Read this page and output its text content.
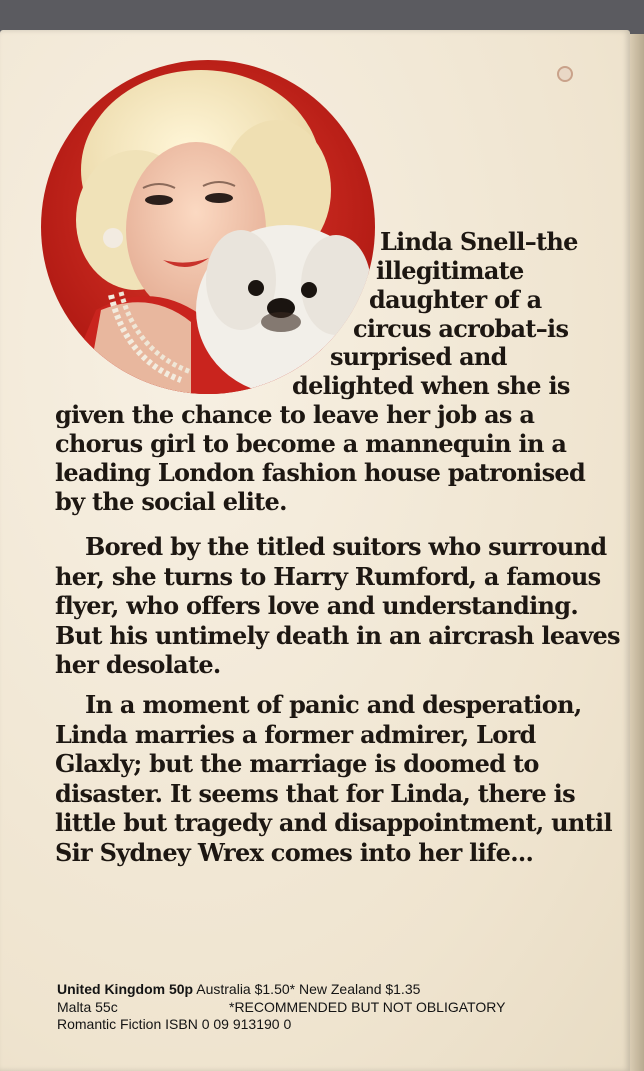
Linda Snell–the
illegitimate
daughter of a
circus acrobat–is
surprised and
delighted when she is
given the chance to leave her job as a
chorus girl to become a mannequin in a
leading London fashion house patronised
by the social elite.

Bored by the titled suitors who surround
her, she turns to Harry Rumford, a famous
flyer, who offers love and understanding.
But his untimely death in an aircrash leaves
her desolate.

In a moment of panic and desperation,
Linda marries a former admirer, Lord
Glaxly; but the marriage is doomed to
disaster. It seems that for Linda, there is
little but tragedy and disappointment, until
Sir Sydney Wrex comes into her life...

United Kingdom 50p Australia $1.50* New Zealand $1.35

Malta 55c	*RECOMMENDED BUT NOT OBLIGATORY

Romantic Fiction ISBN 0 09 913190 0
